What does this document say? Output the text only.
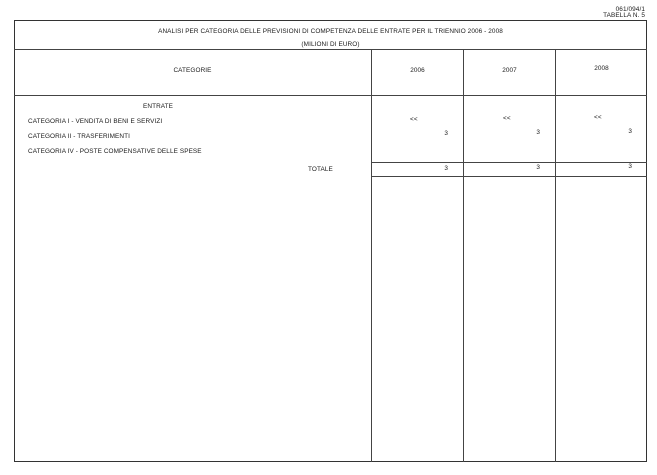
061/094/1
TABELLA N. 5
ANALISI PER CATEGORIA DELLE PREVISIONI DI COMPETENZA DELLE ENTRATE PER IL TRIENNIO 2006 - 2008
(MILIONI DI EURO)
CATEGORIE	2006	2007	2008
ENTRATE
CATEGORIA I - VENDITA DI BENI E SERVIZI	<<	<<	<<
CATEGORIA II - TRASFERIMENTI	3	3	3
CATEGORIA IV - POSTE COMPENSATIVE DELLE SPESE
TOTALE	3	3	3
